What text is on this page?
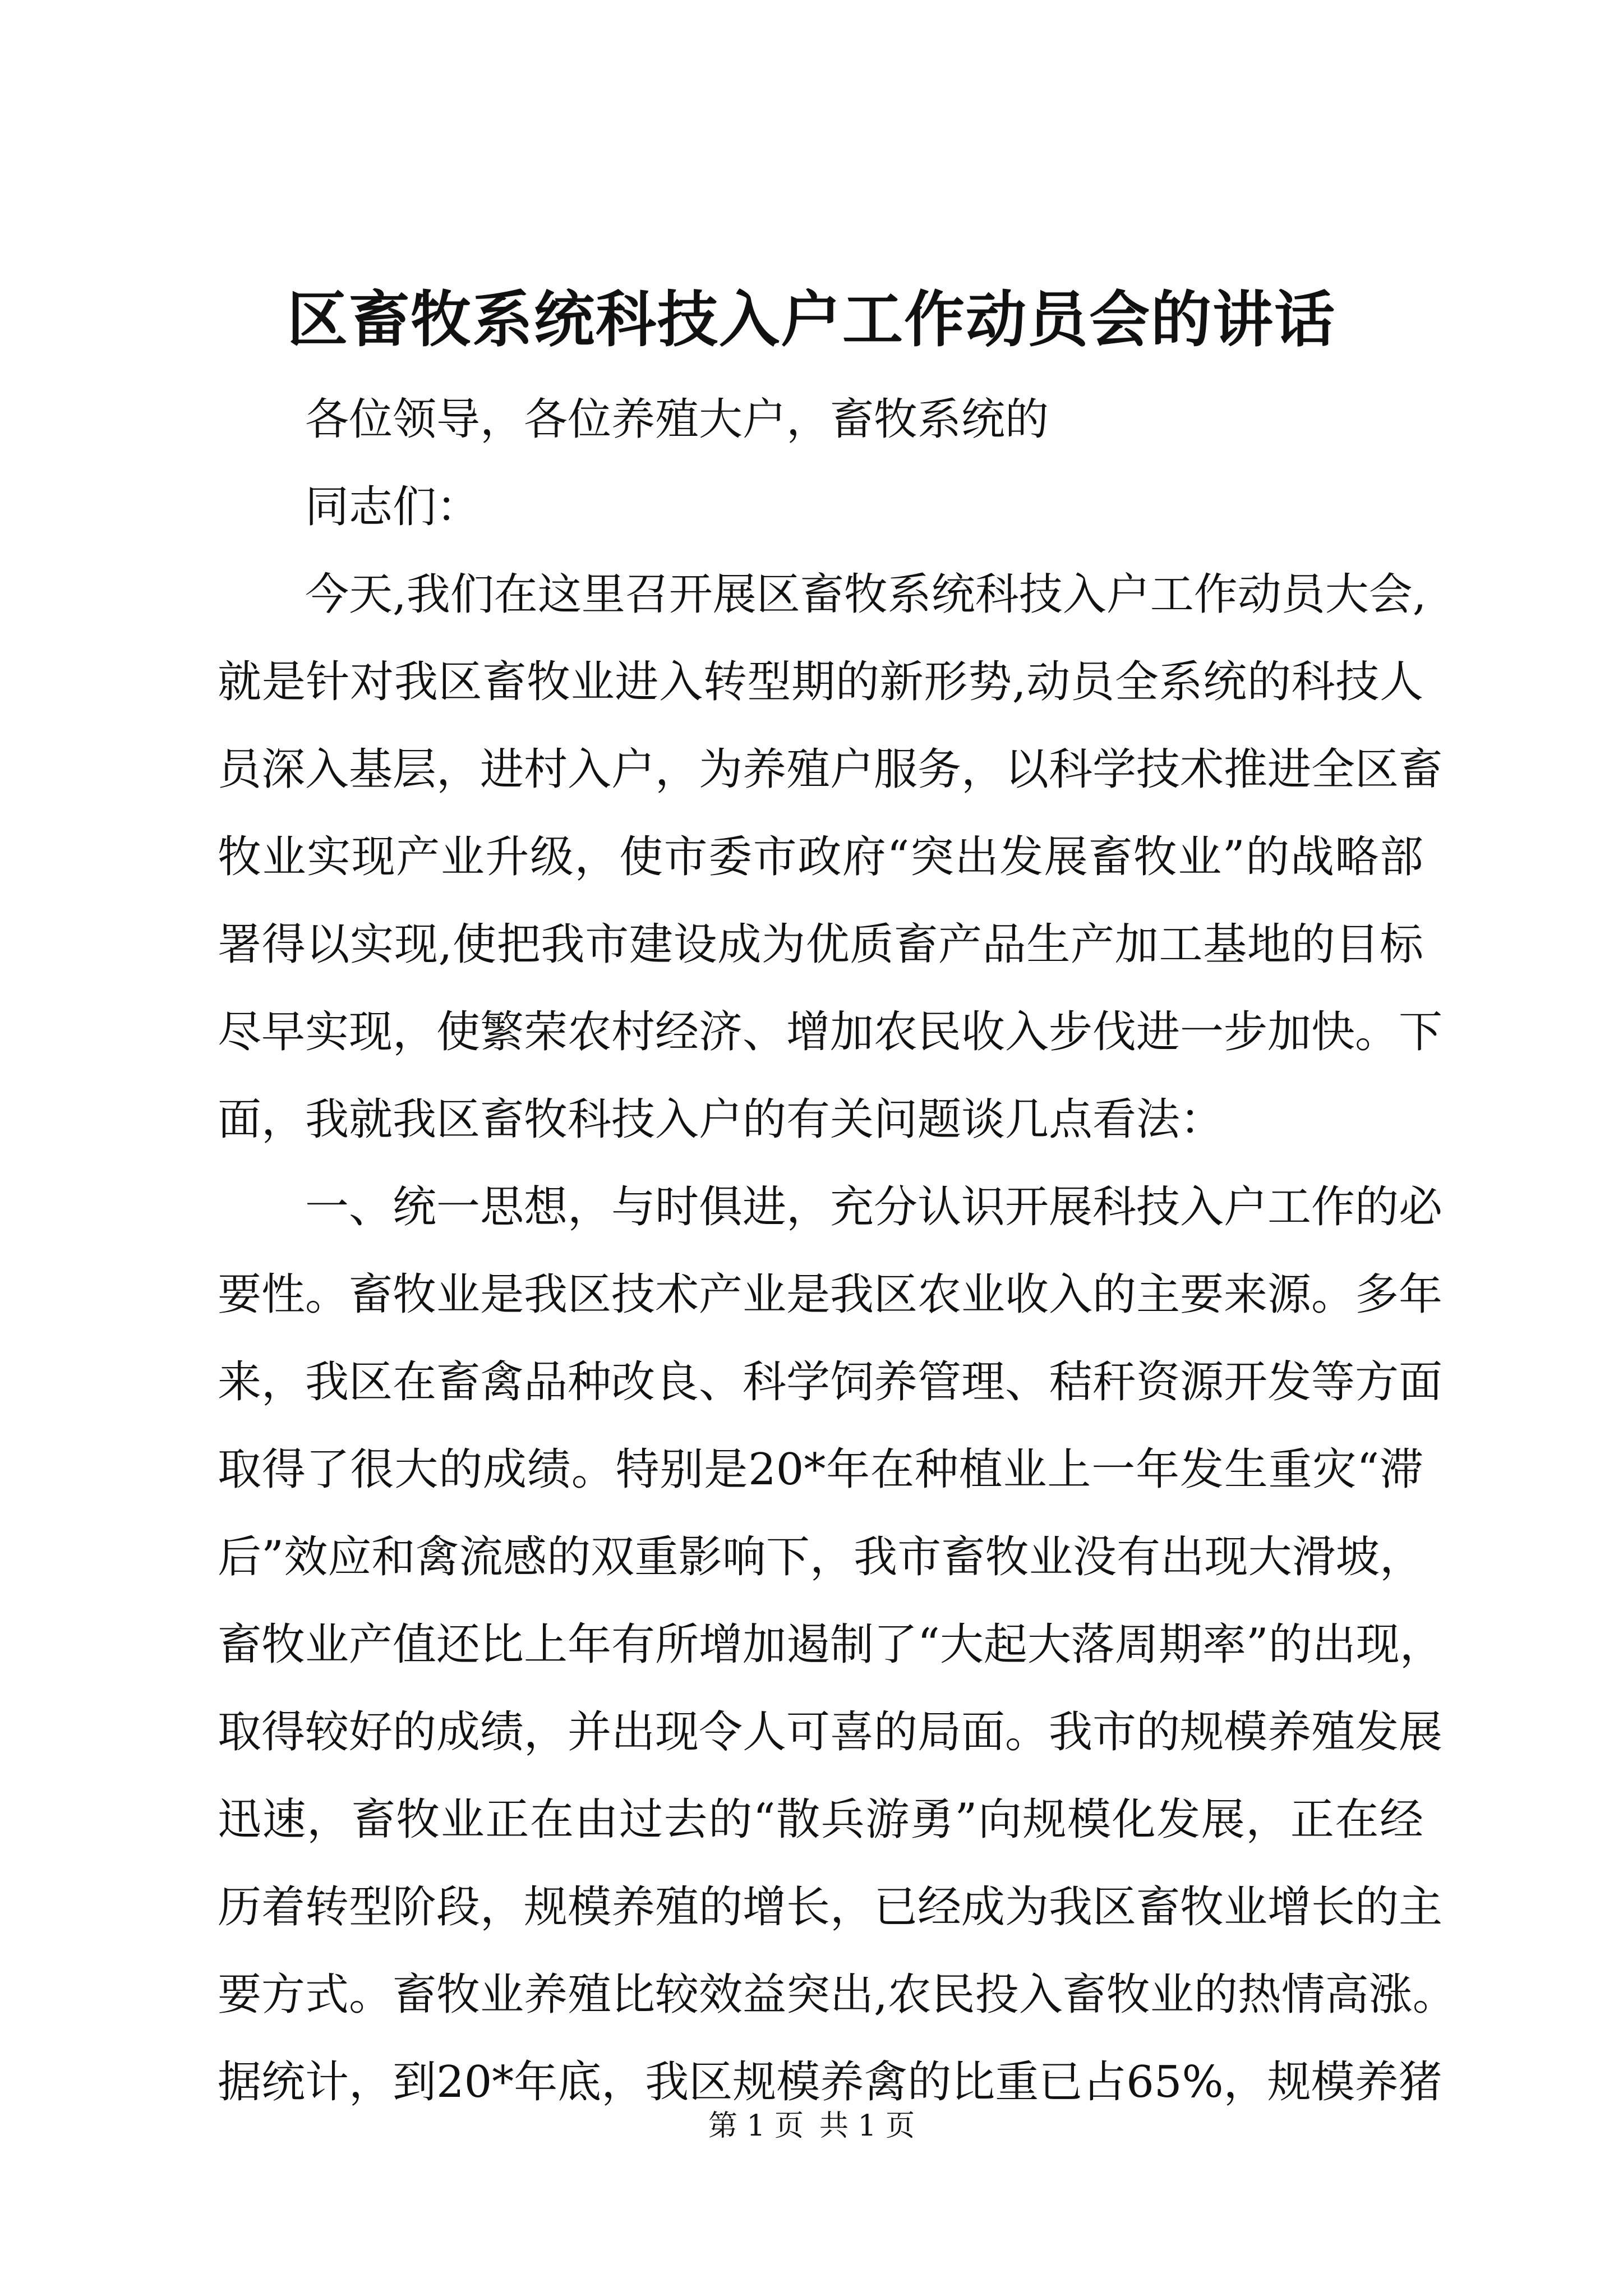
区畜牧系统科技入户工作动员会的讲话
各位领导，各位养殖大户，畜牧系统的
同志们：
今天,我们在这里召开展区畜牧系统科技入户工作动员大会,
就是针对我区畜牧业进入转型期的新形势,动员全系统的科技人
员深入基层，进村入户，为养殖户服务，以科学技术推进全区畜
牧业实现产业升级，使市委市政府“突出发展畜牧业”的战略部
署得以实现,使把我市建设成为优质畜产品生产加工基地的目标
尽早实现，使繁荣农村经济、增加农民收入步伐进一步加快。下
面，我就我区畜牧科技入户的有关问题谈几点看法：
一、统一思想，与时俱进，充分认识开展科技入户工作的必
要性。畜牧业是我区技术产业是我区农业收入的主要来源。多年
来，我区在畜禽品种改良、科学饲养管理、秸秆资源开发等方面
取得了很大的成绩。特别是20*年在种植业上一年发生重灾“滞
后”效应和禽流感的双重影响下，我市畜牧业没有出现大滑坡，
畜牧业产值还比上年有所增加遏制了“大起大落周期率”的出现，
取得较好的成绩，并出现令人可喜的局面。我市的规模养殖发展
迅速，畜牧业正在由过去的“散兵游勇”向规模化发展，正在经
历着转型阶段，规模养殖的增长，已经成为我区畜牧业增长的主
要方式。畜牧业养殖比较效益突出,农民投入畜牧业的热情高涨。
据统计，到20*年底，我区规模养禽的比重已占65%，规模养猪
第 1 页 共 1 页
